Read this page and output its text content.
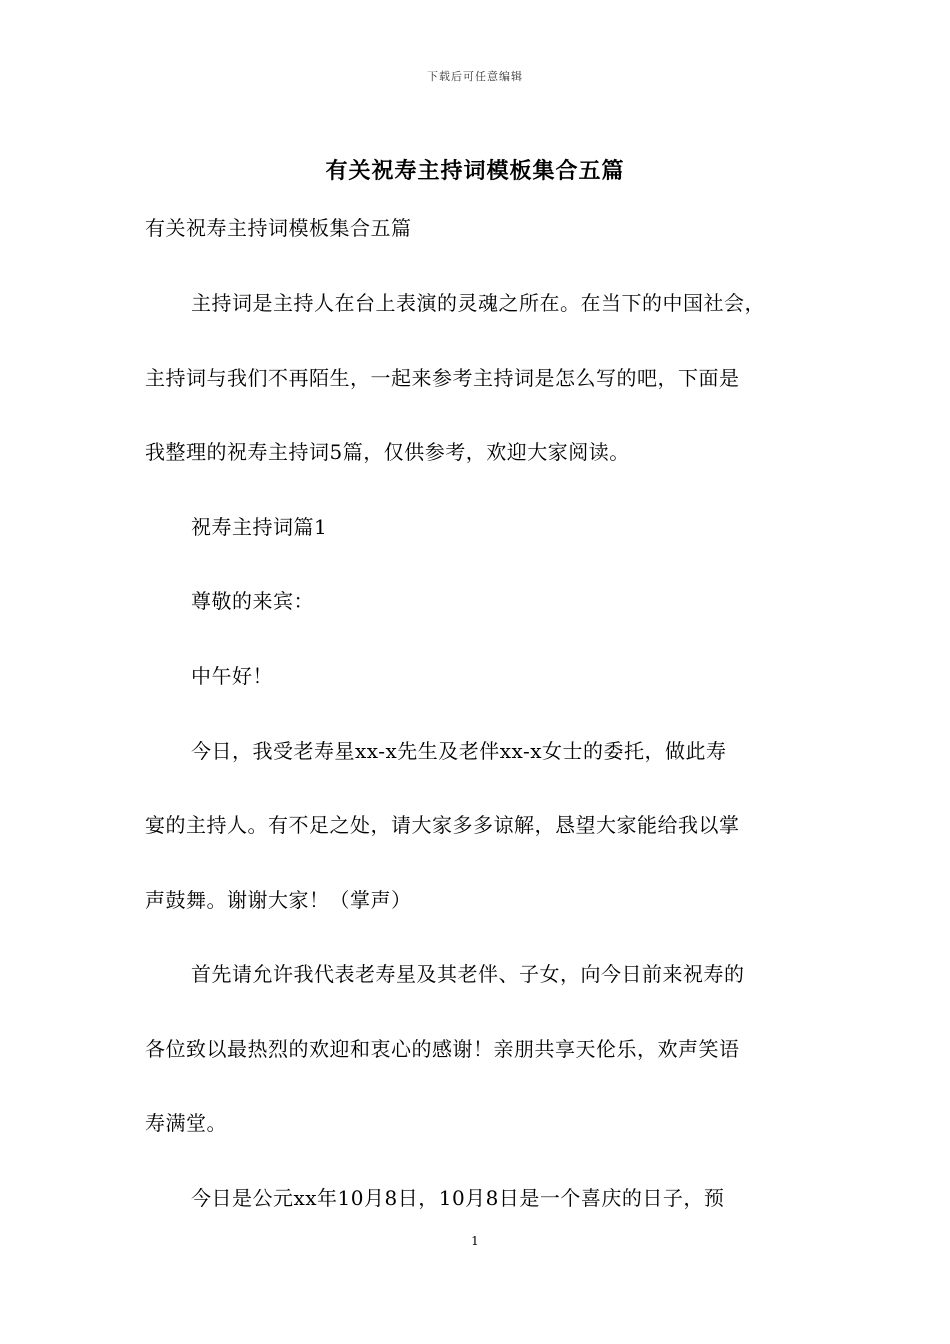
下载后可任意编辑
有关祝寿主持词模板集合五篇
有关祝寿主持词模板集合五篇
主持词是主持人在台上表演的灵魂之所在。在当下的中国社会，
主持词与我们不再陌生，一起来参考主持词是怎么写的吧，下面是
我整理的祝寿主持词5篇，仅供参考，欢迎大家阅读。
祝寿主持词篇1
尊敬的来宾：
中午好！
今日，我受老寿星xx-x先生及老伴xx-x女士的委托，做此寿
宴的主持人。有不足之处，请大家多多谅解，恳望大家能给我以掌
声鼓舞。谢谢大家！（掌声）
首先请允许我代表老寿星及其老伴、子女，向今日前来祝寿的
各位致以最热烈的欢迎和衷心的感谢！亲朋共享天伦乐，欢声笑语
寿满堂。
今日是公元xx年10月8日，10月8日是一个喜庆的日子，预
1
